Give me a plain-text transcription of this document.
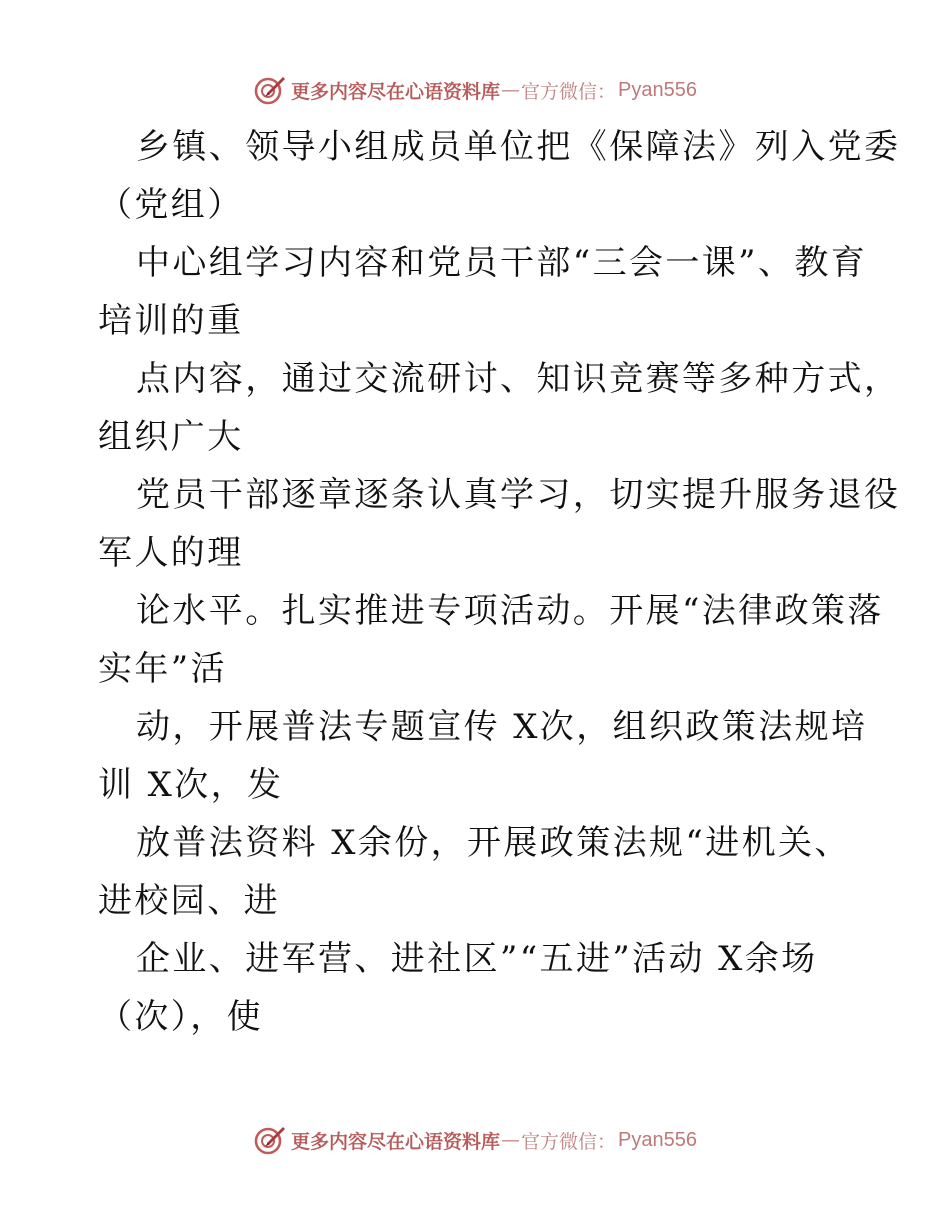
更多内容尽在心语资料库 — 官方微信： Pyan556
乡镇、领导小组成员单位把《保障法》列入党委
（党组）
中心组学习内容和党员干部“三会一课”、教育
培训的重
点内容，通过交流研讨、知识竞赛等多种方式，
组织广大
党员干部逐章逐条认真学习，切实提升服务退役
军人的理
论水平。扎实推进专项活动。开展“法律政策落
实年”活
动，开展普法专题宣传 X次，组织政策法规培
训 X次，发
放普法资料 X余份，开展政策法规“进机关、
进校园、进
企业、进军营、进社区”“五进”活动 X余场
（次），使
更多内容尽在心语资料库 — 官方微信： Pyan556
